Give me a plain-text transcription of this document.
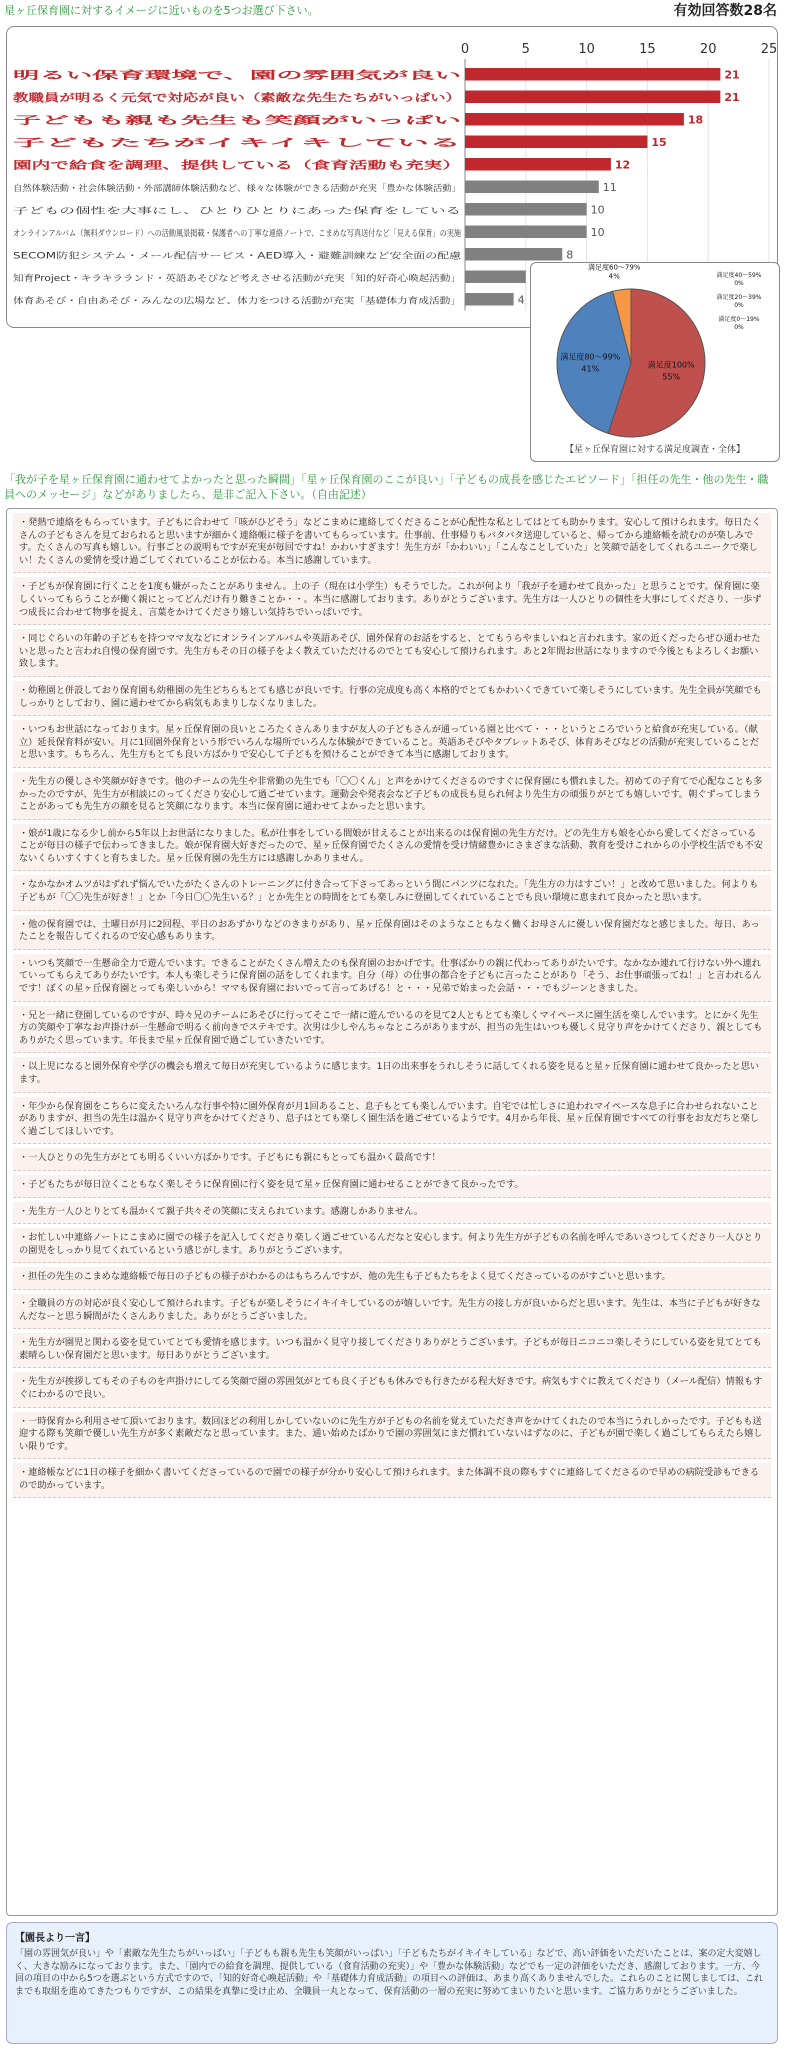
星ヶ丘保育園に対するイメージに近いものを5つお選び下さい。	有効回答数28名
0	5	10	15	20	25
明るい保育環境で、園の雰囲気が良い	21
教職員が明るく元気で対応が良い（素敵な先生たちがいっぱい）	21
子どもも親も先生も笑顔がいっぱい	18
子どもたちがイキイキしている	15
園内で給食を調理、提供している（食育活動も充実）	12
自然体験活動・社会体験活動・外部講師体験活動など、様々な体験ができる活動が充実「豊かな体験活動」	11
子どもの個性を大事にし、ひとりひとりにあった保育をしている	10
オンラインアルバム（無料ダウンロード）への活動風景掲載・保護者への丁寧な連絡ノートで、こまめな写真送付など「見える保育」の実施	10
SECOM防犯システム・メール配信サービス・AED導入・避難訓練など安全面の配慮	8
知育Project・キラキラランド・英語あそびなど考えさせる活動が充実「知的好奇心喚起活動」
体育あそび・自由あそび・みんなの広場など、体力をつける活動が充実「基礎体力育成活動」	4
満足度100%
55%
満足度80〜99%
41%
満足度60〜79%
4%	満足度40〜59%
0%
満足度20〜39%
0%
満足度0〜19%
0%
【星ヶ丘保育園に対する満足度調査・全体】
「我が子を星ヶ丘保育園に通わせてよかったと思った瞬間」「星ヶ丘保育園のここが良い」「子どもの成長を感じたエピソード」「担任の先生・他の先生・職員へのメッセージ」などがありましたら、是非ご記入下さい。（自由記述）
・発熱で連絡をもらっています。子どもに合わせて「咳がひどそう」などこまめに連絡してくださることが心配性な私としてはとても助かります。安心して預けられます。毎日たくさんの子どもさんを見ておられると思いますが細かく連絡帳に様子を書いてもらっています。仕事前、仕事帰りもバタバタ送迎していると、帰ってから連絡帳を読むのが楽しみです。たくさんの写真も嬉しい。行事ごとの説明もですが充実が毎回ですね！かわいすぎます！先生方が「かわいい」「こんなことしていた」と笑顔で話をしてくれるユニークで楽しい！たくさんの愛情を受け過ごしてくれていることが伝わる。本当に感謝しています。
・子どもが保育園に行くことを1度も嫌がったことがありません。上の子（現在は小学生）もそうでした。これが何より「我が子を通わせて良かった」と思うことです。保育園に楽しくいってもらうことが働く親にとってどんだけ有り難きことか・・。本当に感謝しております。ありがとうございます。先生方は一人ひとりの個性を大事にしてくださり、一歩ずつ成長に合わせて物事を捉え、言葉をかけてくださり嬉しい気持ちでいっぱいです。
・同じぐらいの年齢の子どもを持つママ友などにオンラインアルバムや英語あそび、園外保育のお話をすると、とてもうらやましいねと言われます。家の近くだったらぜひ通わせたいと思ったと言われ自慢の保育園です。先生方もその日の様子をよく教えていただけるのでとても安心して預けられます。あと2年間お世話になりますので今後ともよろしくお願い致します。
・幼稚園と併設しており保育園も幼稚園の先生どちらもとても感じが良いです。行事の完成度も高く本格的でとてもかわいくできていて楽しそうにしています。先生全員が笑顔でもしっかりとしており、園に通わせてから病気もあまりしなくなりました。
・いつもお世話になっております。星ヶ丘保育園の良いところたくさんありますが友人の子どもさんが通っている園と比べて・・・というところでいうと給食が充実している。（献立）延長保育料が安い。月に1回園外保育という形でいろんな場所でいろんな体験ができていること。英語あそびやタブレットあそび、体育あそびなどの活動が充実していることだと思います。もちろん、先生方もとても良い方ばかりで安心して子どもを預けることができて本当に感謝しております。
・先生方の優しさや笑顔が好きです。他のチームの先生や非常勤の先生でも「〇〇くん」と声をかけてくださるのですぐに保育園にも慣れました。初めての子育てで心配なことも多かったのですが、先生方が相談にのってくださり安心して過ごせています。運動会や発表会など子どもの成長も見られ何より先生方の頑張りがとても嬉しいです。朝ぐずってしまうことがあっても先生方の顔を見ると笑顔になります。本当に保育園に通わせてよかったと思います。
・娘が1歳になる少し前から5年以上お世話になりました。私が仕事をしている間娘が甘えることが出来るのは保育園の先生方だけ。どの先生方も娘を心から愛してくださっていることが毎日の様子で伝わってきました。娘が保育園大好きだったので、星ヶ丘保育園でたくさんの愛情を受け情緒豊かにさまざまな活動、教育を受けこれからの小学校生活でも不安ないくらいすくすくと育ちました。星ヶ丘保育園の先生方には感謝しかありません。
・なかなかオムツがはずれず悩んでいたがたくさんのトレーニングに付き合って下さってあっという間にパンツになれた。「先生方の力はすごい！」と改めて思いました。何よりも子どもが「〇〇先生が好き！」とか「今日〇〇先生いる？」とか先生との時間をとても楽しみに登園してくれていることでも良い環境に恵まれて良かったと思います。
・他の保育園では、土曜日が月に2回程、平日のおあずかりなどのきまりがあり、星ヶ丘保育園はそのようなこともなく働くお母さんに優しい保育園だなと感じました。毎日、あったことを報告してくれるので安心感もあります。
・いつも笑顔で一生懸命全力で遊んでいます。できることがたくさん増えたのも保育園のおかげです。仕事ばかりの親に代わってありがたいです。なかなか連れて行けない外へ連れていってもらえてありがたいです。本人も楽しそうに保育園の話をしてくれます。自分（母）の仕事の都合を子どもに言ったことがあり「そう、お仕事頑張ってね！」と言われるんです！ぼくの星ヶ丘保育園とっても楽しいから！ママも保育園においでって言ってあげる！と・・・兄弟で始まった会話・・・でもジーンときました。
・兄と一緒に登園しているのですが、時々兄のチームにあそびに行ってそこで一緒に遊んでいるのを見て2人ともとても楽しくマイペースに園生活を楽しんでいます。とにかく先生方の笑顔や丁寧なお声掛けが一生懸命で明るく前向きでステキです。次男は少しやんちゃなところがありますが、担当の先生はいつも優しく見守り声をかけてくださり、親としてもありがたく思っています。年長まで星ヶ丘保育園で過ごしていきたいです。
・以上児になると園外保育や学びの機会も増えて毎日が充実しているように感じます。1日の出来事をうれしそうに話してくれる姿を見ると星ヶ丘保育園に通わせて良かったと思います。
・年少から保育園をこちらに変えたいろんな行事や特に園外保育が月1回あること、息子もとても楽しんでいます。自宅では忙しさに追われマイペースな息子に合わせられないことがありますが、担当の先生は温かく見守り声をかけてくださり、息子はとても楽しく園生活を過ごせているようです。4月から年長、星ヶ丘保育園ですべての行事をお友だちと楽しく過ごしてほしいです。
・一人ひとりの先生方がとても明るくいい方ばかりです。子どもにも親にもとっても温かく最高です！
・子どもたちが毎日泣くこともなく楽しそうに保育園に行く姿を見て星ヶ丘保育園に通わせることができて良かったです。
・先生方一人ひとりとても温かくて親子共々その笑顔に支えられています。感謝しかありません。
・お忙しい中連絡ノートにこまめに園での様子を記入してくださり楽しく過ごせているんだなと安心します。何より先生方が子どもの名前を呼んであいさつしてくださり一人ひとりの園児をしっかり見てくれているという感じがします。ありがとうございます。
・担任の先生のこまめな連絡帳で毎日の子どもの様子がわかるのはもちろんですが、他の先生も子どもたちをよく見てくださっているのがすごいと思います。
・全職員の方の対応が良く安心して預けられます。子どもが楽しそうにイキイキしているのが嬉しいです。先生方の接し方が良いからだと思います。先生は、本当に子どもが好きなんだなーと思う瞬間がたくさんありました。ありがとうございました。
・先生方が園児と関わる姿を見ていてとても愛情を感じます。いつも温かく見守り接してくださりありがとうございます。子どもが毎日ニコニコ楽しそうにしている姿を見てとても素晴らしい保育園だと思います。毎日ありがとうございます。
・先生方が挨拶してもその子ものを声掛けにしてる笑顔で園の雰囲気がとても良く子どもも休みでも行きたがる程大好きです。病気もすぐに教えてくださり（メール配信）情報もすぐにわかるので良い。
・一時保育から利用させて頂いております。数回ほどの利用しかしていないのに先生方が子どもの名前を覚えていただき声をかけてくれたので本当にうれしかったです。子どもも送迎する際も笑顔で優しい先生方が多く素敵だなと思っています。また、通い始めたばかりで園の雰囲気にまだ慣れていないはずなのに、子どもが園で楽しく過ごしてもらえたら嬉しい限りです。
・連絡帳などに1日の様子を細かく書いてくださっているので園での様子が分かり安心して預けられます。また体調不良の際もすぐに連絡してくださるので早めの病院受診もできるので助かっています。
【園長より一言】
「園の雰囲気が良い」や「素敵な先生たちがいっぱい」「子どもも親も先生も笑顔がいっぱい」「子どもたちがイキイキしている」などで、高い評価をいただいたことは、案の定大変嬉しく、大きな励みになっております。また、「園内での給食を調理、提供している（食育活動の充実）」や「豊かな体験活動」などでも一定の評価をいただき、感謝しております。一方、今回の項目の中から5つを選ぶという方式ですので、「知的好奇心喚起活動」や「基礎体力育成活動」の項目への評価は、あまり高くありませんでした。これらのことに関しましては、これまでも取組を進めてきたつもりですが、この結果を真摯に受け止め、全職員一丸となって、保育活動の一層の充実に努めてまいりたいと思います。ご協力ありがとうございました。
